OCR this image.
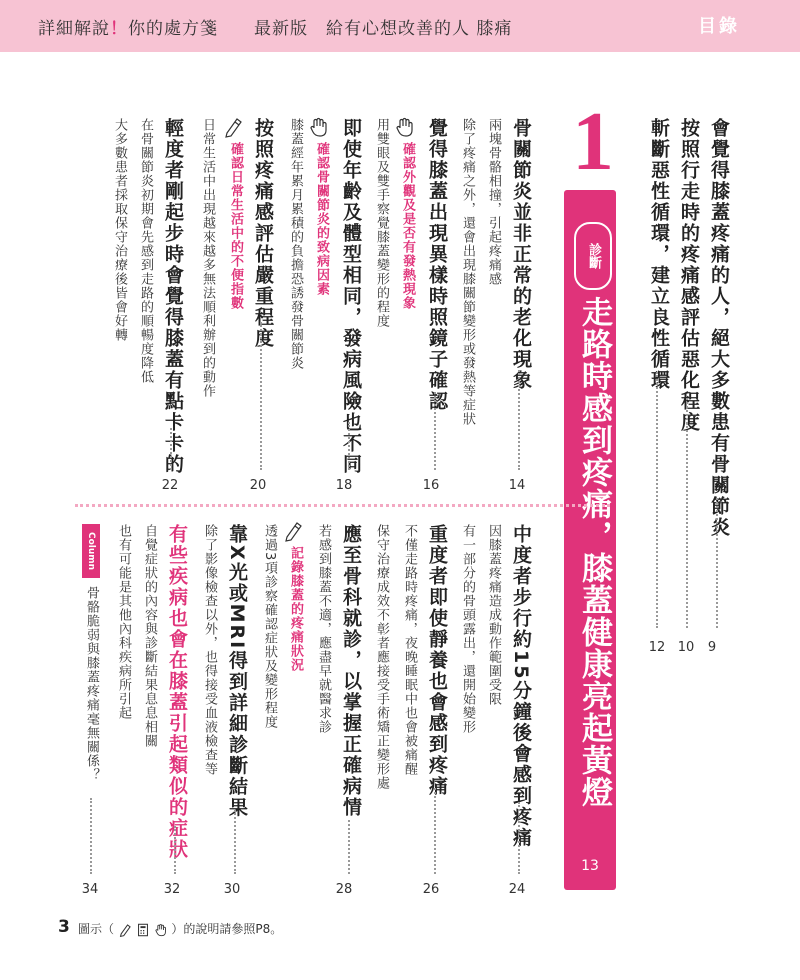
詳細解說！你的處方箋　　最新版　給有心想改善的人 膝痛	目錄
會覺得膝蓋疼痛的人，絕大多數患有骨關節炎
9
按照行走時的疼痛感評估惡化程度
10
斬斷惡性循環，建立良性循環
12
1
診斷
走路時感到疼痛，膝蓋健康亮起黃燈
13
骨關節炎並非正常的老化現象
14
兩塊骨骼相撞，引起疼痛感
除了疼痛之外，還會出現膝關節變形或發熱等症狀
覺得膝蓋出現異樣時照鏡子確認
16
確認外觀及是否有發熱現象
用雙眼及雙手察覺膝蓋變形的程度
即使年齡及體型相同，發病風險也不同
18
確認骨關節炎的致病因素
膝蓋經年累月累積的負擔恐誘發骨關節炎
按照疼痛感評估嚴重程度
20
確認日常生活中的不便指數
日常生活中出現越來越多無法順利辦到的動作
輕度者剛起步時會覺得膝蓋有點卡卡的
22
在骨關節炎初期會先感到走路的順暢度降低
大多數患者採取保守治療後皆會好轉
中度者步行約15分鐘後會感到疼痛
24
因膝蓋疼痛造成動作範圍受限
有一部分的骨頭露出，還開始變形
重度者即使靜養也會感到疼痛
26
不僅走路時疼痛，夜晚睡眠中也會被痛醒
保守治療成效不彰者應接受手術矯正變形處
應至骨科就診，以掌握正確病情
28
若感到膝蓋不適，應盡早就醫求診
記錄膝蓋的疼痛狀況
透過3項診察確認症狀及變形程度
靠X光或MRI得到詳細診斷結果
30
除了影像檢查以外，也得接受血液檢查等
有些疾病也會在膝蓋引起類似的症狀
32
自覺症狀的內容與診斷結果息息相關
也有可能是其他內科疾病所引起
Column
骨骼脆弱與膝蓋疼痛毫無關係？
34
3 圖示（	）的說明請參照P8。
